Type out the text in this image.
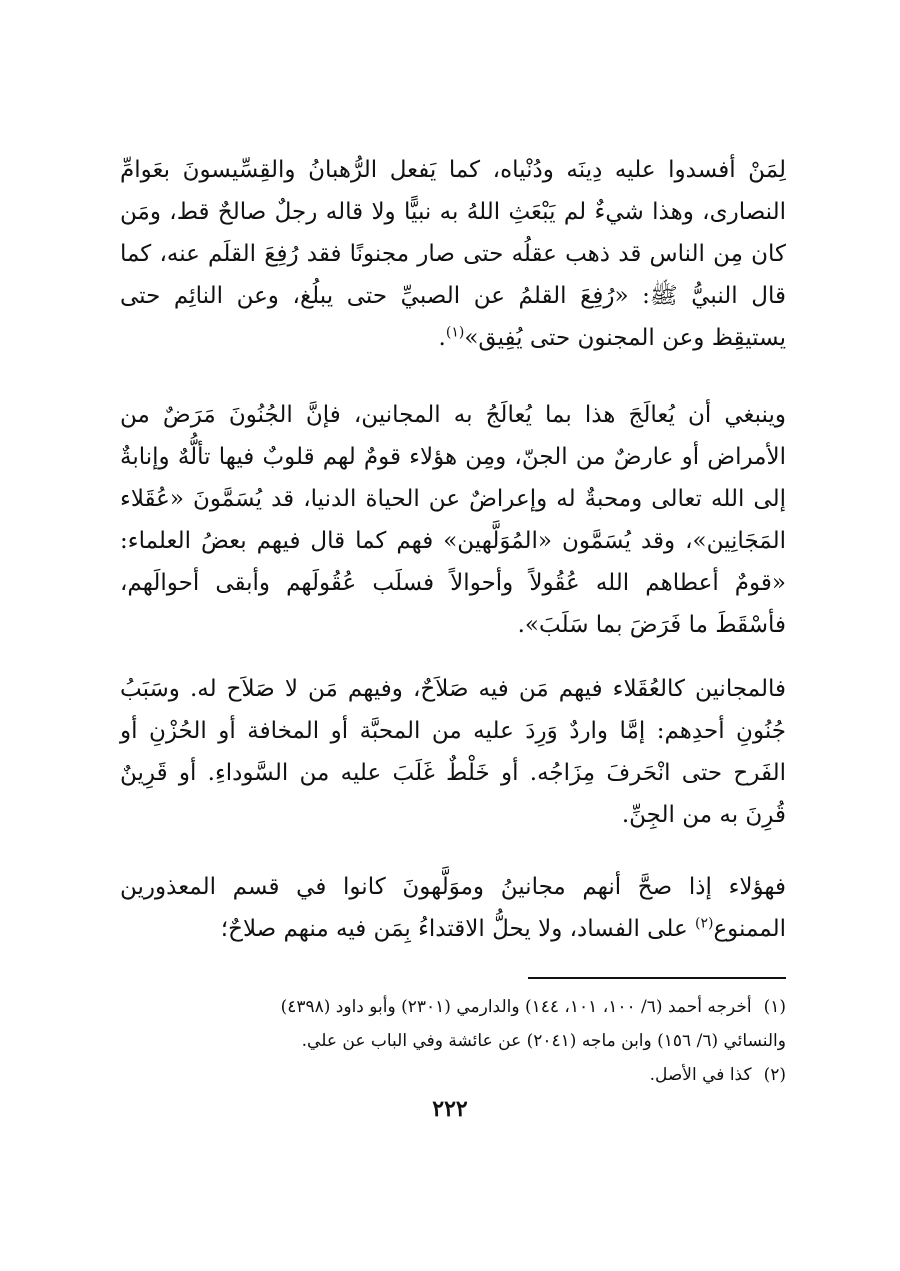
لِمَنْ أفسدوا عليه دِينَه ودُنْياه، كما يَفعل الرُّهبانُ والقِسِّيسونَ بعَوامِّ النصارى، وهذا شيءٌ لم يَبْعَثِ اللهُ به نبيًّا ولا قاله رجلٌ صالحٌ قط، ومَن كان مِن الناس قد ذهب عقلُه حتى صار مجنونًا فقد رُفِعَ القلَم عنه، كما قال النبيُّ ﷺ: «رُفِعَ القلمُ عن الصبيِّ حتى يبلُغ، وعن النائِم حتى يستيقِظ وعن المجنون حتى يُفِيق»$^{(١)}$.

وينبغي أن يُعالَجَ هذا بما يُعالَجُ به المجانين، فإنَّ الجُنُونَ مَرَضٌ من الأمراض أو عارضٌ من الجنّ، ومِن هؤلاء قومٌ لهم قلوبٌ فيها تألُّهٌ وإنابةٌ إلى الله تعالى ومحبةٌ له وإعراضٌ عن الحياة الدنيا، قد يُسَمَّونَ «عُقَلاء المَجَانِين»، وقد يُسَمَّون «المُوَلَّهين» فهم كما قال فيهم بعضُ العلماء: «قومٌ أعطاهم الله عُقُولاً وأحوالاً فسلَب عُقُولَهم وأبقى أحوالَهم، فأسْقَطَ ما فَرَضَ بما سَلَبَ».

فالمجانين كالعُقَلاء فيهم مَن فيه صَلاَحٌ، وفيهم مَن لا صَلاَح له. وسَبَبُ جُنُونِ أحدِهم: إمَّا واردٌ وَرِدَ عليه من المحبَّة أو المخافة أو الحُزْنِ أو الفَرح حتى انْحَرفَ مِزَاجُه. أو خَلْطٌ غَلَبَ عليه من السَّوداءِ. أو قَرِينٌ قُرِنَ به من الجِنِّ.

فهؤلاء إذا صحَّ أنهم مجانينُ وموَلَّهونَ كانوا في قسم المعذورين الممنوع$^{(٢)}$ على الفساد، ولا يحلُّ الاقتداءُ بِمَن فيه منهم صلاحٌ؛

(١)أخرجه أحمد (٦/ ١٠٠، ١٠١، ١٤٤) والدارمي (٢٣٠١) وأبو داود (٤٣٩٨)

والنسائي (٦/ ١٥٦) وابن ماجه (٢٠٤١) عن عائشة وفي الباب عن علي.

(٢)كذا في الأصل.

٢٢٢
